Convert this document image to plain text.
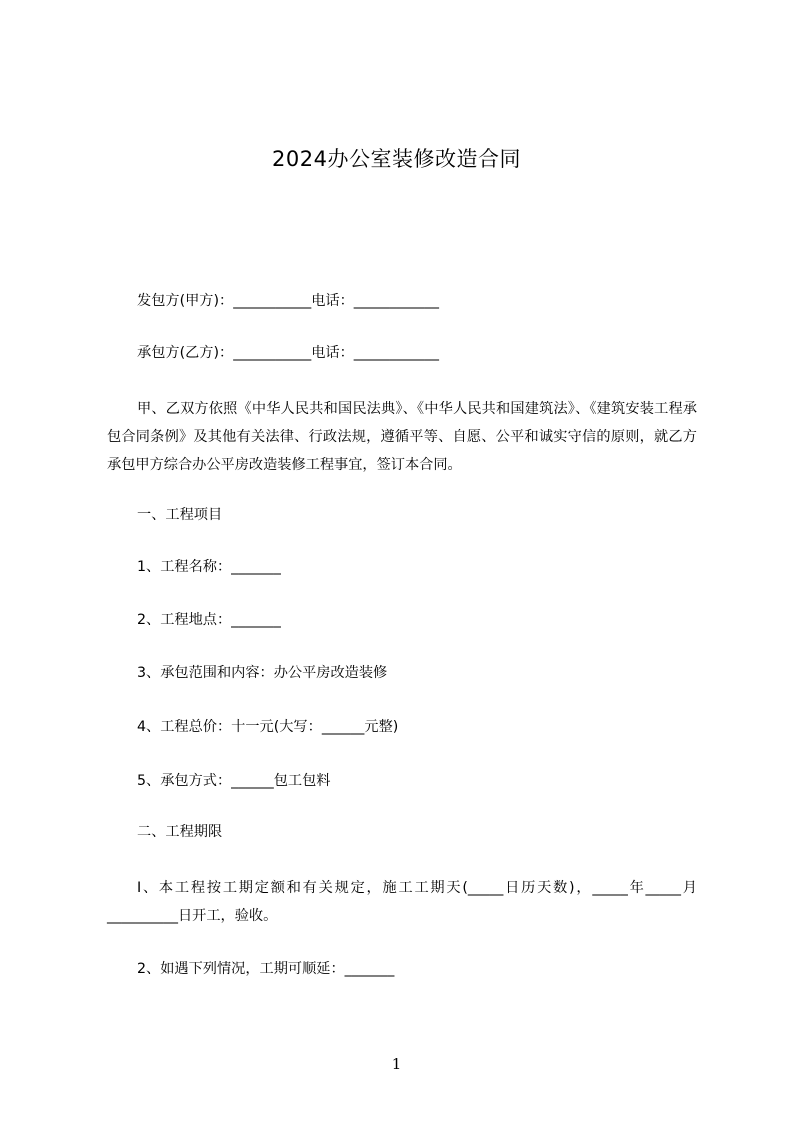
2024办公室装修改造合同
发包方(甲方)：___________电话：____________
承包方(乙方)：___________电话：____________
甲、乙双方依照《中华人民共和国民法典》、《中华人民共和国建筑法》、《建筑安装工程承包合同条例》及其他有关法律、行政法规，遵循平等、自愿、公平和诚实守信的原则，就乙方承包甲方综合办公平房改造装修工程事宜，签订本合同。
一、工程项目
1、工程名称：_______
2、工程地点：_______
3、承包范围和内容：办公平房改造装修
4、工程总价：十一元(大写：______元整)
5、承包方式：______包工包料
二、工程期限
I、本工程按工期定额和有关规定，施工工期天(_____日历天数)，_____年_____月__________日开工，验收。
2、如遇下列情况，工期可顺延：_______
1
